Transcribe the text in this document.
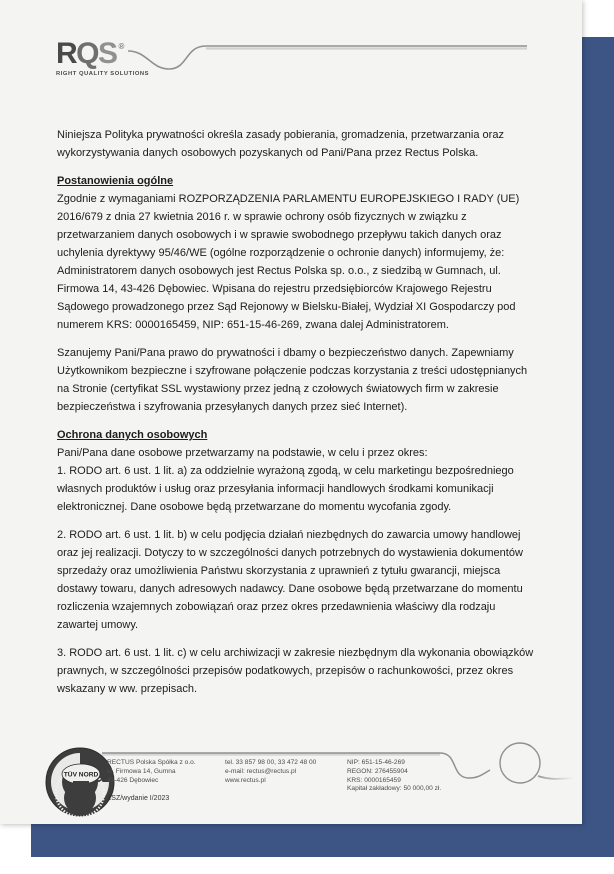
RQS ®
RIGHT QUALITY SOLUTIONS

Niniejsza Polityka prywatności określa zasady pobierania, gromadzenia, przetwarzania oraz wykorzystywania danych osobowych pozyskanych od Pani/Pana przez Rectus Polska.

Postanowienia ogólne

Zgodnie z wymaganiami ROZPORZĄDZENIA PARLAMENTU EUROPEJSKIEGO I RADY (UE) 2016/679 z dnia 27 kwietnia 2016 r. w sprawie ochrony osób fizycznych w związku z przetwarzaniem danych osobowych i w sprawie swobodnego przepływu takich danych oraz uchylenia dyrektywy 95/46/WE (ogólne rozporządzenie o ochronie danych) informujemy, że: Administratorem danych osobowych jest Rectus Polska sp. o.o., z siedzibą w Gumnach, ul. Firmowa 14, 43-426 Dębowiec. Wpisana do rejestru przedsiębiorców Krajowego Rejestru Sądowego prowadzonego przez Sąd Rejonowy w Bielsku-Białej, Wydział XI Gospodarczy pod numerem KRS: 0000165459, NIP: 651-15-46-269, zwana dalej Administratorem.

Szanujemy Pani/Pana prawo do prywatności i dbamy o bezpieczeństwo danych. Zapewniamy Użytkownikom bezpieczne i szyfrowane połączenie podczas korzystania z treści udostępnianych na Stronie (certyfikat SSL wystawiony przez jedną z czołowych światowych firm w zakresie bezpieczeństwa i szyfrowania przesyłanych danych przez sieć Internet).

Ochrona danych osobowych

Pani/Pana dane osobowe przetwarzamy na podstawie, w celu i przez okres:

1. RODO art. 6 ust. 1 lit. a) za oddzielnie wyrażoną zgodą, w celu marketingu bezpośredniego własnych produktów i usług oraz przesyłania informacji handlowych środkami komunikacji elektronicznej. Dane osobowe będą przetwarzane do momentu wycofania zgody.

2. RODO art. 6 ust. 1 lit. b) w celu podjęcia działań niezbędnych do zawarcia umowy handlowej oraz jej realizacji. Dotyczy to w szczególności danych potrzebnych do wystawienia dokumentów sprzedaży oraz umożliwienia Państwu skorzystania z uprawnień z tytułu gwarancji, miejsca dostawy towaru, danych adresowych nadawcy. Dane osobowe będą przetwarzane do momentu rozliczenia wzajemnych zobowiązań oraz przez okres przedawnienia właściwy dla rodzaju zawartej umowy.

3. RODO art. 6 ust. 1 lit. c) w celu archiwizacji w zakresie niezbędnym dla wykonania obowiązków prawnych, w szczególności przepisów podatkowych, przepisów o rachunkowości, przez okres wskazany w ww. przepisach.

TÜV NORD
RECTUS Polska Spółka z o.o.
ul. Firmowa 14, Gumna
43-426 Dębowiec
tel. 33 857 98 00, 33 472 48 00
e-mail: rectus@rectus.pl
www.rectus.pl
NIP: 651-15-46-269
REGON: 276455904
KRS: 0000165459
Kapitał zakładowy: 50 000,00 zł.
ZSZ/wydanie I/2023
